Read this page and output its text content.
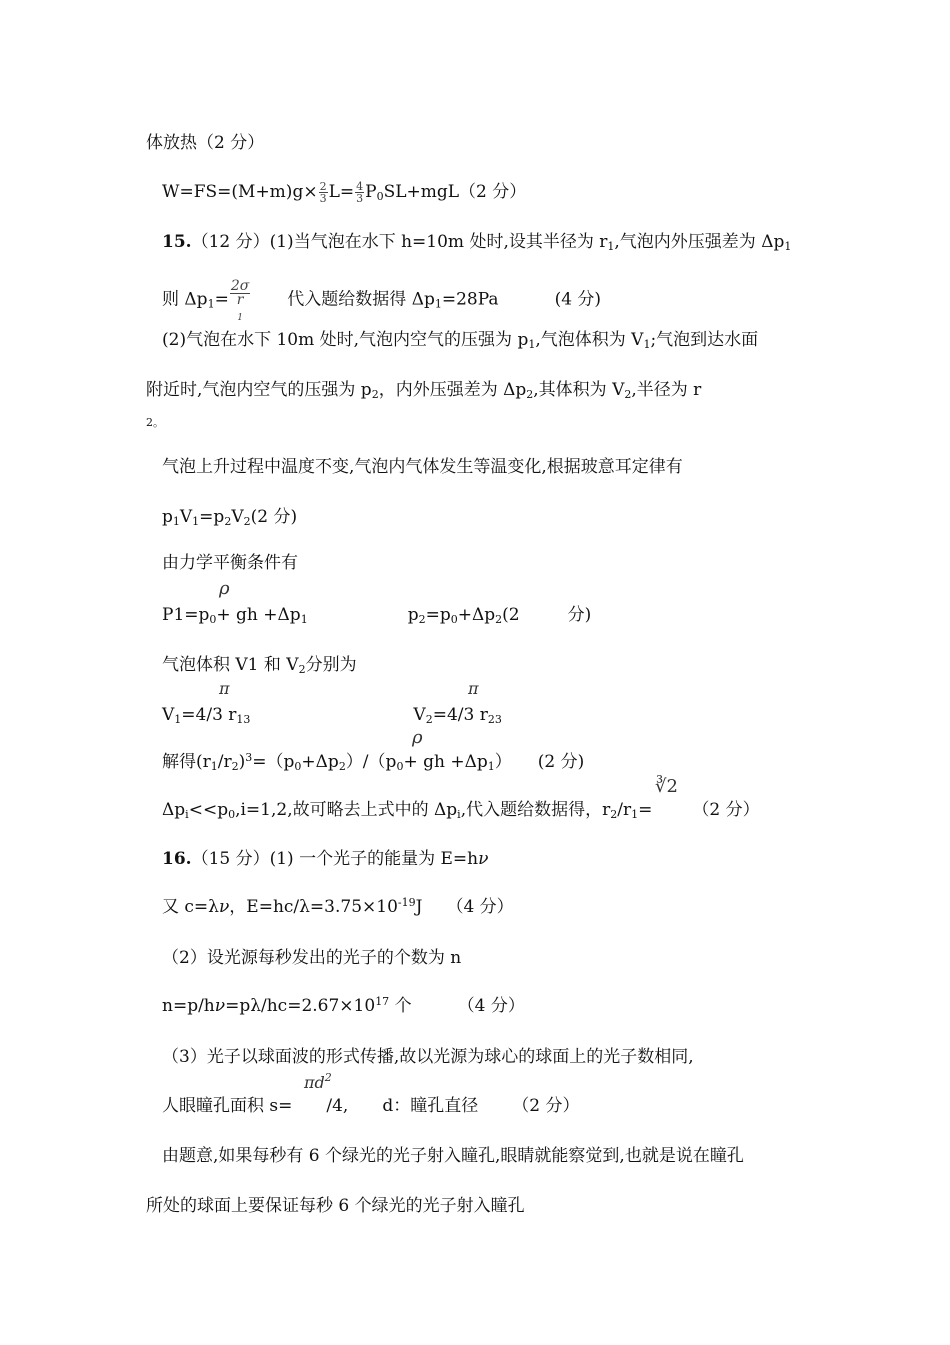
体放热（2 分）
$W=FS=(M+m)g\times \frac{2}{3} L= \frac{4}{3} P_0SL+mgL(2$ 分）
15.（12 分）(1)当气泡在水下 h=10m 处时,设其半径为 $r_1$,气泡内外压强差为 $\Delta p_1$
则 $\Delta p_1= 2\sigma$
r
$_1$ 代入题给数据得 $\Delta p_1=28Pa$	(4 分)
(2)气泡在水下 10m 处时,气泡内空气的压强为 $p_1$,气泡体积为 $V_1$;气泡到达水面
附近时,气泡内空气的压强为 $p_2$，内外压强差为 $\Delta p_2$,其体积为 $V_2$,半径为 r
2。
气泡上升过程中温度不变,气泡内气体发生等温变化,根据玻意耳定律有
$p_1V_1=p_2V_2(2$ 分)
由力学平衡条件有
ρ
$P1=p_0+$ gh $+\Delta p_1$	$p_2=p_0+\Delta p_2(2$	分)
气泡体积 V1 和 $V_2$分别为
π	π
$V_1=4/3$ $r_{13}$	$V_2=4/3$ $r_{23}$
ρ
解得$(r_1/r_2)^3=(p_0+\Delta p_2)/(p_0+$ gh $+\Delta p_1$） (2 分)
∛2
$\Delta p_i<<p_0,i=1,2$,故可略去上式中的 $\Delta p_i$,代入题给数据得，$r_2/r_1= (2$ 分）
16.（15 分）(1) 一个光子的能量为 E=hν
又 c=λν，$E=hc/\lambda=3.75\times 10^{-19}J$ （4 分）
（2）设光源每秒发出的光子的个数为 n
$n=p/h\nu=p\lambda/hc=2.67\times 10^{17}$ 个	（4 分）
（3）光子以球面波的形式传播,故以光源为球心的球面上的光子数相同,
$\pi d^2$
人眼瞳孔面积 s= /4, d：瞳孔直径 （2 分）
由题意,如果每秒有 6 个绿光的光子射入瞳孔,眼睛就能察觉到,也就是说在瞳孔
所处的球面上要保证每秒 6 个绿光的光子射入瞳孔
